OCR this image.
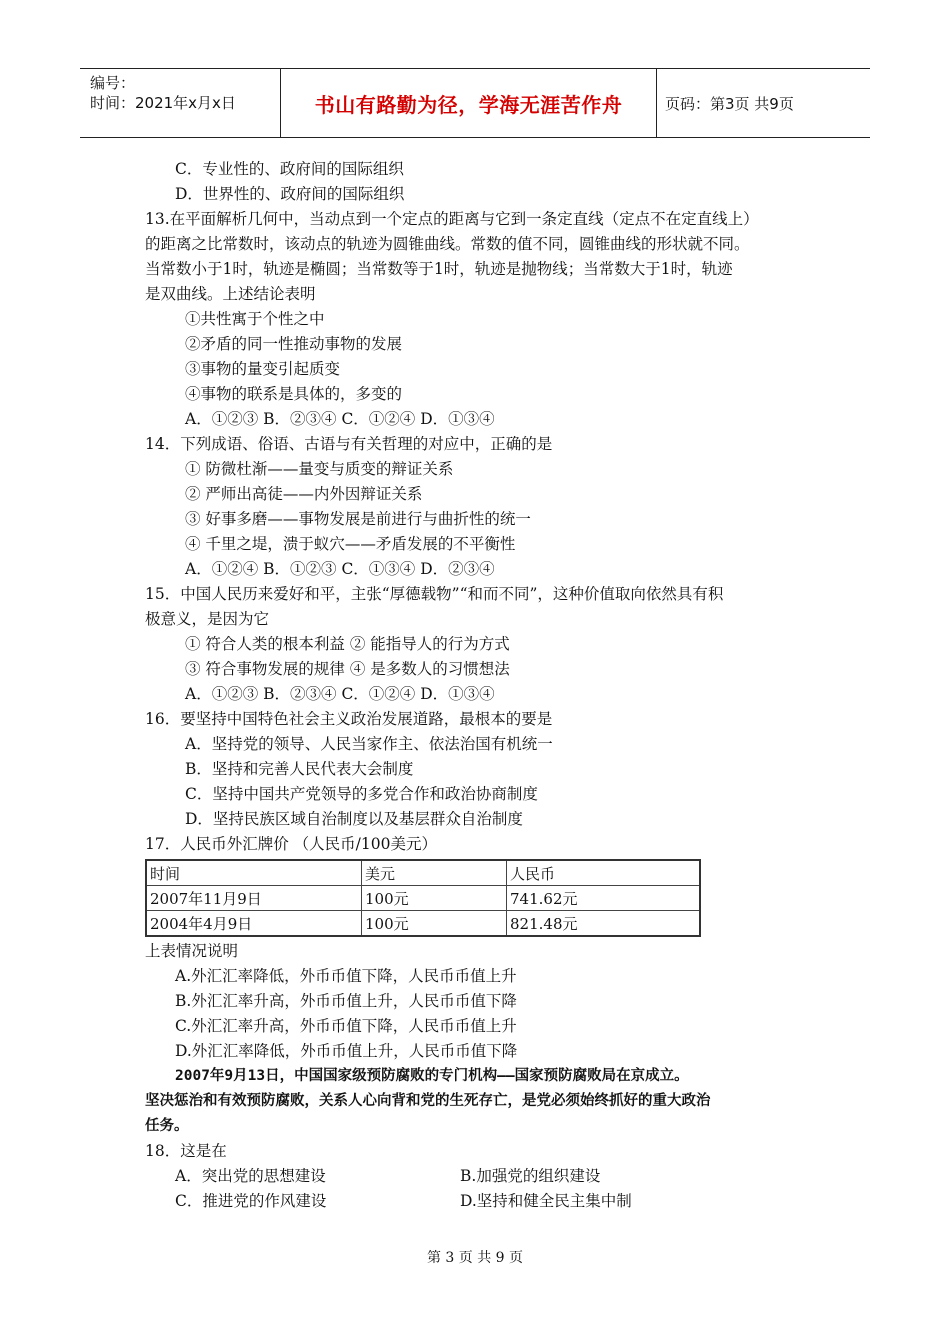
编号：
时间：2021年x月x日	书山有路勤为径，学海无涯苦作舟	页码：第3页 共9页
C．专业性的、政府间的国际组织
D．世界性的、政府间的国际组织
13.在平面解析几何中，当动点到一个定点的距离与它到一条定直线（定点不在定直线上）
的距离之比常数时，该动点的轨迹为圆锥曲线。常数的值不同，圆锥曲线的形状就不同。
当常数小于1时，轨迹是椭圆；当常数等于1时，轨迹是抛物线；当常数大于1时，轨迹
是双曲线。上述结论表明
①共性寓于个性之中
②矛盾的同一性推动事物的发展
③事物的量变引起质变
④事物的联系是具体的，多变的
A．①②③ B．②③④ C．①②④ D．①③④
14．下列成语、俗语、古语与有关哲理的对应中，正确的是
① 防微杜渐——量变与质变的辩证关系
② 严师出高徒——内外因辩证关系
③ 好事多磨——事物发展是前进行与曲折性的统一
④ 千里之堤，溃于蚁穴——矛盾发展的不平衡性
A．①②④ B．①②③ C．①③④ D．②③④
15．中国人民历来爱好和平，主张“厚德载物”“和而不同”，这种价值取向依然具有积
极意义，是因为它
① 符合人类的根本利益 ② 能指导人的行为方式
③ 符合事物发展的规律 ④ 是多数人的习惯想法
A．①②③ B．②③④ C．①②④ D．①③④
16．要坚持中国特色社会主义政治发展道路，最根本的要是
A．坚持党的领导、人民当家作主、依法治国有机统一
B．坚持和完善人民代表大会制度
C．坚持中国共产党领导的多党合作和政治协商制度
D．坚持民族区域自治制度以及基层群众自治制度
17．人民币外汇牌价 （人民币/100美元）
时间	美元	人民币
2007年11月9日	100元	741.62元
2004年4月9日	100元	821.48元
上表情况说明
A.外汇汇率降低，外币币值下降，人民币币值上升
B.外汇汇率升高，外币币值上升，人民币币值下降
C.外汇汇率升高，外币币值下降，人民币币值上升
D.外汇汇率降低，外币币值上升，人民币币值下降
2007年9月13日，中国国家级预防腐败的专门机构——国家预防腐败局在京成立。
坚决惩治和有效预防腐败，关系人心向背和党的生死存亡，是党必须始终抓好的重大政治
任务。
18．这是在
A．突出党的思想建设	B.加强党的组织建设
C．推进党的作风建设	D.坚持和健全民主集中制
第 3 页 共 9 页
